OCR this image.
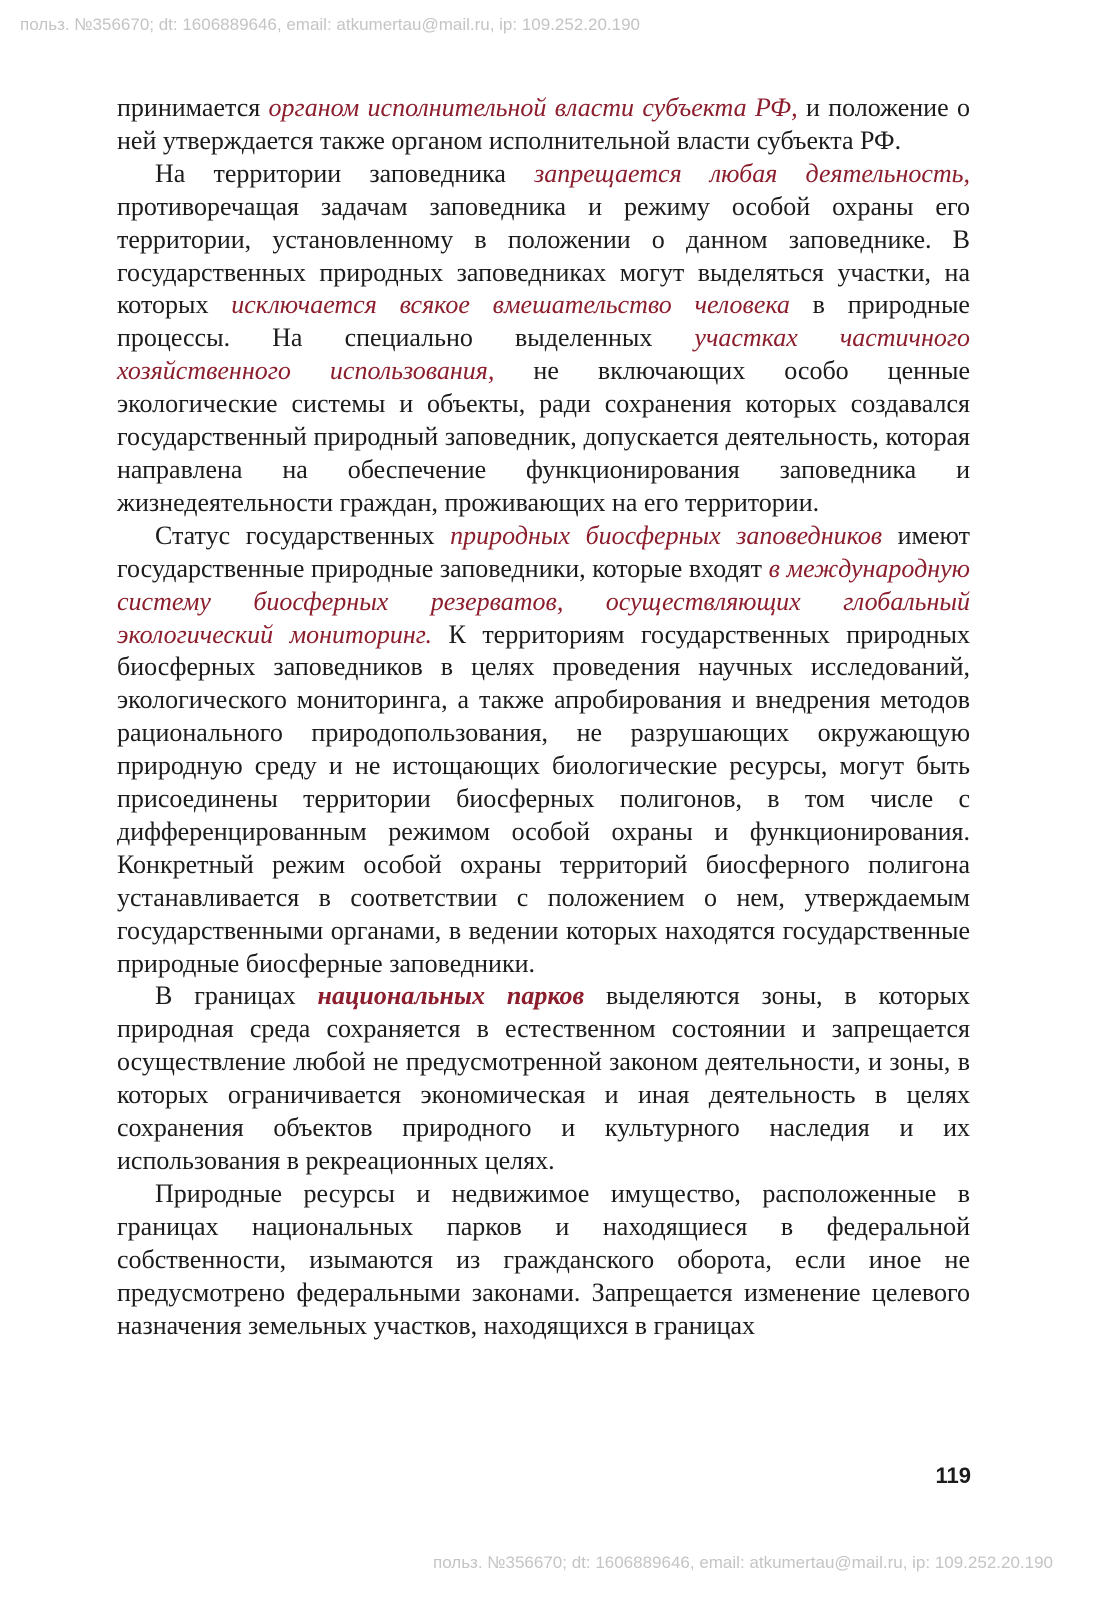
польз. №356670; dt: 1606889646, email: atkumertau@mail.ru, ip: 109.252.20.190

принимается органом исполнительной власти субъекта РФ, и положение о ней утверждается также органом исполнительной власти субъекта РФ.

На территории заповедника запрещается любая деятельность, противоречащая задачам заповедника и режиму особой охраны его территории, установленному в положении о данном заповеднике. В государственных природных заповедниках могут выделяться участки, на которых исключается всякое вмешательство человека в природные процессы. На специально выделенных участках частичного хозяйственного использования, не включающих особо ценные экологические системы и объекты, ради сохранения которых создавался государственный природный заповедник, допускается деятельность, которая направлена на обеспечение функционирования заповедника и жизнедеятельности граждан, проживающих на его территории.

Статус государственных природных биосферных заповедников имеют государственные природные заповедники, которые входят в международную систему биосферных резерватов, осуществляющих глобальный экологический мониторинг. К территориям государственных природных биосферных заповедников в целях проведения научных исследований, экологического мониторинга, а также апробирования и внедрения методов рационального природопользования, не разрушающих окружающую природную среду и не истощающих биологические ресурсы, могут быть присоединены территории биосферных полигонов, в том числе с дифференцированным режимом особой охраны и функционирования. Конкретный режим особой охраны территорий биосферного полигона устанавливается в соответствии с положением о нем, утверждаемым государственными органами, в ведении которых находятся государственные природные биосферные заповедники.

В границах национальных парков выделяются зоны, в которых природная среда сохраняется в естественном состоянии и запрещается осуществление любой не предусмотренной законом деятельности, и зоны, в которых ограничивается экономическая и иная деятельность в целях сохранения объектов природного и культурного наследия и их использования в рекреационных целях.

Природные ресурсы и недвижимое имущество, расположенные в границах национальных парков и находящиеся в федеральной собственности, изымаются из гражданского оборота, если иное не предусмотрено федеральными законами. Запрещается изменение целевого назначения земельных участков, находящихся в границах

119
польз. №356670; dt: 1606889646, email: atkumertau@mail.ru, ip: 109.252.20.190
